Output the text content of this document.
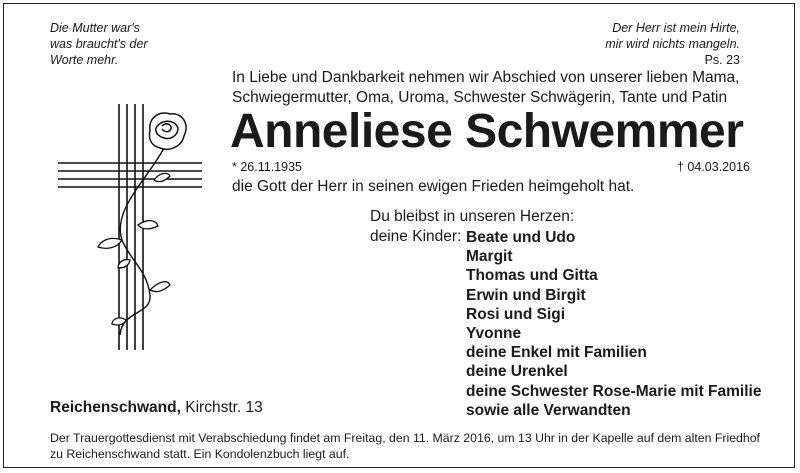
Die Mutter war's
was braucht's der
Worte mehr.
Der Herr ist mein Hirte,
mir wird nichts mangeln.
Ps. 23
In Liebe und Dankbarkeit nehmen wir Abschied von unserer lieben Mama,
Schwiegermutter, Oma, Uroma, Schwester Schwägerin, Tante und Patin
Anneliese Schwemmer
* 26.11.1935	† 04.03.2016
die Gott der Herr in seinen ewigen Frieden heimgeholt hat.
Du bleibst in unseren Herzen:
deine Kinder: Beate und Udo
Margit
Thomas und Gitta
Erwin und Birgit
Rosi und Sigi
Yvonne
deine Enkel mit Familien
deine Urenkel
deine Schwester Rose-Marie mit Familie
sowie alle Verwandten
Reichenschwand, Kirchstr. 13
Der Trauergottesdienst mit Verabschiedung findet am Freitag, den 11. März 2016, um 13 Uhr in der Kapelle auf dem alten Friedhof
zu Reichenschwand statt. Ein Kondolenzbuch liegt auf.
